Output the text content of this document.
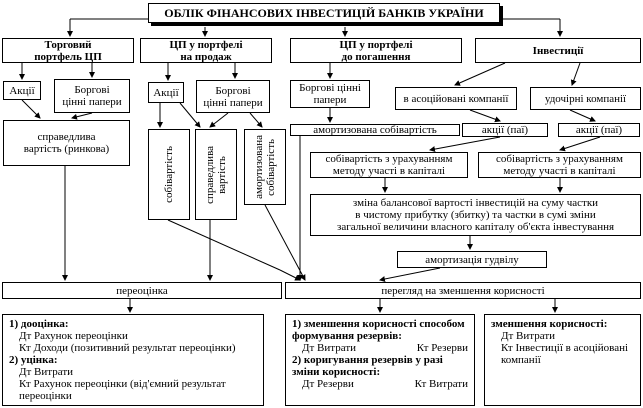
ОБЛІК ФІНАНСОВИХ ІНВЕСТИЦІЙ БАНКІВ УКРАЇНИ
Торговий
портфель ЦП
ЦП у портфелі
на продаж
ЦП у портфелі
до погашення	Інвестиції
Акції	Боргові
цінні папери
справедлива
вартість (ринкова)
Акції	Боргові
цінні папери
собівартість	справедлива
вартість амортизована
собівартість
Боргові цінні
папери
амортизована собівартість
в асоційовані компанії	удочірні компанії
акції (паї)	акції (паї)
собівартість з урахуванням
методу участі в капіталі
собівартість з урахуванням
методу участі в капіталі
зміна балансової вартості інвестицій на суму частки
в чистому прибутку (збитку) та частки в сумі зміни
загальної величини власного капіталу об'єкта інвестування
амортизація гудвілу
переоцінка	перегляд на зменшення корисності
1) дооцінка:
Дт Рахунок переоцінки
Кт Доходи (позитивний результат переоцінки)
2) уцінка:
Дт Витрати
Кт Рахунок переоцінки (від'ємний результат переоцінки
1) зменшення корисності способом формування резервів:
Дт Витрати	Кт Резерви
2) коригування резервів у разі зміни корисності:
Дт Резерви	Кт Витрати
зменшення корисності:
Дт Витрати
Кт Інвестиції в асоційовані компанії
